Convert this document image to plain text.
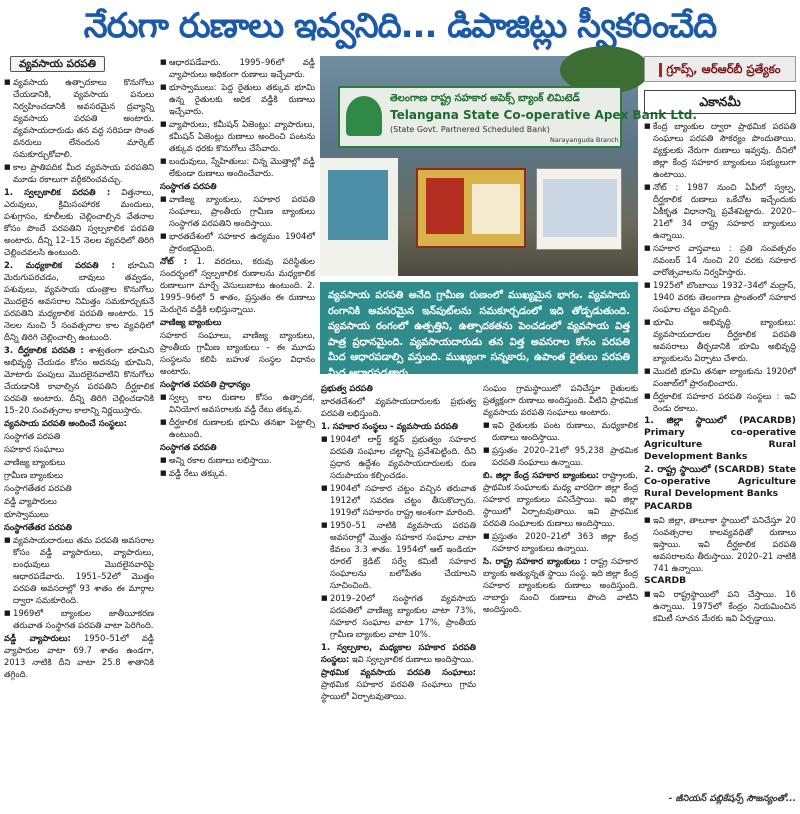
నేరుగా రుణాలు ఇవ్వనిది... డిపాజిట్లు స్వీకరించేది
వ్యవసాయ పరపతి
■ వ్యవసాయ ఉత్పాదకాలు కొనుగోలు చేయడానికి, వ్యవసాయ పనులు నిర్వహించడానికి అవసరమైన ద్రవ్యాన్ని వ్యవసాయ పరపతి అంటారు. వ్యవసాయదారుడు తన వద్ద సరిపడా సొంత వనరులు లేనందున మార్కెట్‌ సమకూర్చుకోవాలి.
■ కాల ప్రాతిపదిక మీద వ్యవసాయ పరపతిని మూడు రకాలుగా వర్గీకరించవచ్చు.

1. స్వల్పకాలిక పరపతి : విత్తనాలు, ఎరువులు, క్రిమిసంహారక మందులు, పశుగ్రాసం, కూలీలకు చెల్లించాల్సిన వేతనాల కోసం పొందే పరపతిని స్వల్పకాలిక పరపతి అంటారు. దీన్ని 12–15 నెలల వ్యవధిలో తిరిగి చెల్లించవలసి ఉంటుంది.

2. మధ్యకాలిక పరపతి : భూమిని మెరుగుపరచడం, బావులు తవ్వడం, పశువులు, వ్యవసాయ యంత్రాల కొనుగోలు మొదలైన అవసరాల నిమిత్తం సమకూర్చుకునే పరపతిని మధ్యకాలిక పరపతి అంటారు. 15 నెలల నుంచి 5 సంవత్సరాల కాల వ్యవధిలో దీన్ని తిరిగి చెల్లించాల్సి ఉంటుంది.

3. దీర్ఘకాలిక పరపతి : శాశ్వతంగా భూమిని అభివృద్ధి చేయడం కోసం అదనపు భూమిని, మోటారు పంపులు మొదలైనవాటిని కొనుగోలు చేయడానికి కావాల్సిన పరపతిని దీర్ఘకాలిక పరపతి అంటారు. దీన్ని తిరిగి చెల్లించడానికి 15–20 సంవత్సరాల కాలాన్ని నిర్ణయిస్తారు.

వ్యవసాయ పరపతి అందించే సంస్థలు:

సంస్థాగత పరపతి

సహకార సంఘాలు

వాణిజ్య బ్యాంకులు

గ్రామీణ బ్యాంకులు

సంస్థాగతేతర పరపతి

వడ్డీ వ్యాపారులు

భూస్వాములు

సంస్థాగతేతర పరపతి

■ వ్యవసాయదారులు తమ పరపతి అవసరాల కోసం వడ్డీ వ్యాపారులు, వ్యాపారులు, బంధువులు మొదలైనవారిపై ఆధారపడేవారు. 1951–52లో మొత్తం పరపతి అవసరాల్లో 93 శాతం ఈ మార్గాల ద్వారా సమకూరింది.
■ 1969లో బ్యాంకుల జాతీయీకరణ తరువాత సంస్థాగత పరపతి వాటా పెరిగింది.

వడ్డీ వ్యాపారులు: 1950–51లో వడ్డీ వ్యాపారుల వాటా 69.7 శాతం ఉండగా, 2013 నాటికి దీని వాటా 25.8 శాతానికి తగ్గింది.

■ ఆధారపడేవారు. 1995–96లో వడ్డీ వ్యాపారులు అధికంగా రుణాలు ఇచ్చేవారు.
■ భూస్వాములు: పెద్ద రైతులు తక్కువ భూమి ఉన్న రైతులకు అధిక వడ్డీకి రుణాలు ఇచ్చేవారు.
■ వ్యాపారులు, కమీషన్‌ ఏజెంట్లు: వ్యాపారులు, కమీషన్‌ ఏజెంట్లు రుణాలు అందించి పంటను తక్కువ ధరకు కొనుగోలు చేసేవారు.
■ బంధువులు, స్నేహితులు: చిన్న మొత్తాల్లో వడ్డీ లేకుండా రుణాలు అందించేవారు.

సంస్థాగత పరపతి

■ వాణిజ్య బ్యాంకులు, సహకార పరపతి సంఘాలు, ప్రాంతీయ గ్రామీణ బ్యాంకులు సంస్థాగత పరపతిని అందిస్తాయి.
■ భారతదేశంలో సహకార ఉద్యమం 1904లో ప్రారంభమైంది.

నోట్‌ : 1. వరదలు, కరువు పరిస్థితుల సందర్భంలో స్వల్పకాలిక రుణాలను మధ్యకాలిక రుణాలుగా మార్చే వెసులుబాటు ఉంటుంది. 2. 1995–96లో 5 శాతం, ప్రస్తుతం ఈ రుణాలు మెరుగైన వడ్డీకి లభిస్తున్నాయి.

వాణిజ్య బ్యాంకులు

సహకార సంఘాలు, వాణిజ్య బ్యాంకులు, ప్రాంతీయ గ్రామీణ బ్యాంకులు – ఈ మూడు సంస్థలను కలిపి బహుళ సంస్థల విధానం అంటారు.

సంస్థాగత పరపతి ప్రాధాన్యం

■ స్వల్ప కాల రుణాల కోసం ఉత్పాదక, వినియోగ అవసరాలకు వడ్డీ రేటు తక్కువ.
■ దీర్ఘకాలిక రుణాలకు భూమి తనఖా పెట్టాల్సి ఉంటుంది.

సంస్థాగత పరపతి

■ అన్ని రకాల రుణాలు లభిస్తాయి.
■ వడ్డీ రేటు తక్కువ.
తెలంగాణ రాష్ట్ర సహకార అపెక్స్‌ బ్యాంక్‌ లిమిటెడ్‌
Telangana State Co-operative Apex Bank Ltd.
(State Govt. Partnered Scheduled Bank)
Narayanguda Branch
వ్యవసాయ పరపతి అనేది గ్రామీణ రుణంలో ముఖ్యమైన భాగం. వ్యవసాయ రంగానికి అవసరమైన ఇన్‌పుట్‌లను సమకూర్చడంలో ఇది తోడ్పడుతుంది. వ్యవసాయ రంగంలో ఉత్పత్తిని, ఉత్పాదకతను పెంచడంలో వ్యవసాయ విత్త పాత్ర ప్రధానమైంది. వ్యవసాయదారుడు తన విత్త అవసరాల కోసం పరపతి మీద ఆధారపడాల్సి వస్తుంది. ముఖ్యంగా సన్నకారు, ఉపాంత రైతులు పరపతి మీద ఆధారపడతారు.

ప్రభుత్వ పరపతి

భారతదేశంలో వ్యవసాయదారులకు ప్రభుత్వ పరపతి లభిస్తుంది.

1. సహకార సంస్థలు - వ్యవసాయ పరపతి

■ 1904లో లార్డ్‌ కర్జన్‌ ప్రభుత్వం సహకార పరపతి సంఘాల చట్టాన్ని ప్రవేశపెట్టింది. దీని ప్రధాన ఉద్దేశం వ్యవసాయదారులకు రుణ సదుపాయం కల్పించడం.
■ 1904లో సహకార చట్టం వచ్చిన తరువాత 1912లో సవరణ చట్టం తీసుకొచ్చారు. 1919లో సహకారం రాష్ట్ర అంశంగా మారింది.
■ 1950–51 నాటికి వ్యవసాయ పరపతి అవసరాల్లో మొత్తం సహకార సంఘాల వాటా కేవలం 3.3 శాతం. 1954లో ఆల్‌ ఇండియా రూరల్‌ క్రెడిట్‌ సర్వే కమిటీ సహకార సంఘాలను బలోపేతం చేయాలని సూచించింది.
■ 2019–20లో సంస్థాగత వ్యవసాయ పరపతిలో వాణిజ్య బ్యాంకుల వాటా 73%, సహకార సంఘాల వాటా 17%, ప్రాంతీయ గ్రామీణ బ్యాంకుల వాటా 10%.

1. స్వల్పకాల, మధ్యకాల సహకార పరపతి సంస్థలు: ఇవి స్వల్పకాలిక రుణాలు అందిస్తాయి.

ప్రాథమిక వ్యవసాయ పరపతి సంఘాలు: ప్రాథమిక సహకార పరపతి సంఘాలు గ్రామ స్థాయిలో ఏర్పాటవుతాయి.

సంఘం గ్రామస్థాయిలో పనిచేస్తూ రైతులకు ప్రత్యక్షంగా రుణాలు అందిస్తుంది. వీటిని ప్రాథమిక వ్యవసాయ పరపతి సంఘాలు అంటారు.

■ ఇవి రైతులకు పంట రుణాలు, మధ్యకాలిక రుణాలు అందిస్తాయి.
■ ప్రస్తుతం 2020–21లో 95,238 ప్రాథమిక పరపతి సంఘాలు ఉన్నాయి.

బి. జిల్లా కేంద్ర సహకార బ్యాంకులు: రాష్ట్రాలకు, ప్రాథమిక సంఘాలకు మధ్య వారధిగా జిల్లా కేంద్ర సహకార బ్యాంకులు పనిచేస్తాయి. ఇవి జిల్లా స్థాయిలో ఏర్పాటవుతాయి. ఇవి ప్రాథమిక పరపతి సంఘాలకు రుణాలు అందిస్తాయి.

■ ప్రస్తుతం 2020–21లో 363 జిల్లా కేంద్ర సహకార బ్యాంకులు ఉన్నాయి.

సి. రాష్ట్ర సహకార బ్యాంకులు : రాష్ట్ర సహకార బ్యాంకు అత్యున్నత స్థాయి సంస్థ. ఇది జిల్లా కేంద్ర సహకార బ్యాంకులకు రుణాలు అందిస్తుంది. నాబార్డు నుంచి రుణాలు పొంది వాటిని అందిస్తుంది.

గ్రూప్స్‌, ఆర్‌ఆర్‌బీ ప్రత్యేకం
ఎకానమీ
■ కేంద్ర బ్యాంకుల ద్వారా ప్రాథమిక పరపతి సంఘాలు పరపతి సౌకర్యం పొందుతాయి. వ్యక్తులకు నేరుగా రుణాలు ఇవ్వవు. దీనిలో జిల్లా కేంద్ర సహకార బ్యాంకులు సభ్యులుగా ఉంటాయి.
■ నోట్‌ : 1987 నుంచి ఏపీలో స్వల్ప, దీర్ఘకాలిక రుణాలు ఒకేచోట ఇచ్చేందుకు ఏకీకృత విధానాన్ని ప్రవేశపెట్టారు. 2020–21లో 34 రాష్ట్ర సహకార బ్యాంకులు ఉన్నాయి.
■ సహకార వాస్తవాలు : ప్రతి సంవత్సరం నవంబర్‌ 14 నుంచి 20 వరకు సహకార వారోత్సవాలను నిర్వహిస్తారు.
■ 1925లో బొంబాయి 1932–34లో మద్రాస్‌, 1940 వరకు తెలంగాణ ప్రాంతంలో సహకార సంఘాల చట్టం వచ్చింది.
■ భూమి అభివృద్ధి బ్యాంకులు: వ్యవసాయదారుల దీర్ఘకాలిక పరపతి అవసరాలు తీర్చడానికి భూమి అభివృద్ధి బ్యాంకులను ఏర్పాటు చేశారు.
■ మొదటి భూమి తనఖా బ్యాంకును 1920లో పంజాబ్‌లో ప్రారంభించారు.
■ దీర్ఘకాలిక సహకార పరపతి సంస్థలు : ఇవి రెండు రకాలు.

1. జిల్లా స్థాయిలో (PACARDB) Primary co-operative Agriculture Rural Development Banks

2. రాష్ట్ర స్థాయిలో (SCARDB) State Co-operative Agriculture Rural Development Banks

PACARDB

■ ఇవి జిల్లా, తాలూకా స్థాయిలో పనిచేస్తూ 20 సంవత్సరాల కాలవ్యవధితో రుణాలు ఇస్తాయి. ఇవి దీర్ఘకాలిక పరపతి అవసరాలను తీరుస్తాయి. 2020–21 నాటికి 741 ఉన్నాయి.

SCARDB

■ ఇవి రాష్ట్రస్థాయిలో పని చేస్తాయి. 16 ఉన్నాయి. 1975లో కేంద్రం నియమించిన కమిటీ సూచన మేరకు ఇవి ఏర్పడ్డాయి.
- జీనియస్‌ పబ్లికేషన్స్‌ సౌజన్యంతో...
